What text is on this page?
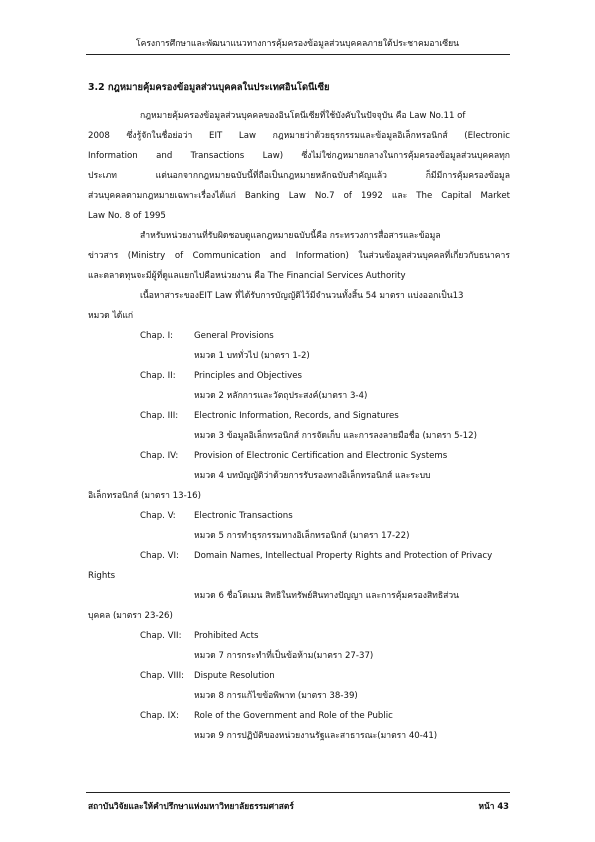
โครงการศึกษาและพัฒนาแนวทางการคุ้มครองข้อมูลส่วนบุคคลภายใต้ประชาคมอาเซียน
3.2 กฎหมายคุ้มครองข้อมูลส่วนบุคคลในประเทศอินโดนีเซีย
กฎหมายคุ้มครองข้อมูลส่วนบุคคลของอินโดนีเซียที่ใช้บังคับในปัจจุบัน คือ Law No.11 of
2008 ซึ่งรู้จักในชื่อย่อว่า EIT Law กฎหมายว่าด้วยธุรกรรมและข้อมูลอิเล็กทรอนิกส์ (Electronic
Information and Transactions Law) ซึ่งไม่ใช่กฎหมายกลางในการคุ้มครองข้อมูลส่วนบุคคลทุก
ประเภท แต่นอกจากกฎหมายฉบับนี้ที่ถือเป็นกฎหมายหลักฉบับสำคัญแล้ว ก็มีมีการคุ้มครองข้อมูล
ส่วนบุคคลตามกฎหมายเฉพาะเรื่องได้แก่ Banking Law No.7 of 1992 และ The Capital Market
Law No. 8 of 1995
สำหรับหน่วยงานที่รับผิดชอบดูแลกฎหมายฉบับนี้คือ กระทรวงการสื่อสารและข้อมูล
ข่าวสาร (Ministry of Communication and Information) ในส่วนข้อมูลส่วนบุคคลที่เกี่ยวกับธนาคาร
และตลาดทุนจะมีผู้ที่ดูแลแยกไปคือหน่วยงาน คือ The Financial Services Authority
เนื้อหาสาระของEIT Law ที่ได้รับการบัญญัติไว้มีจำนวนทั้งสิ้น 54 มาตรา แบ่งออกเป็น13
หมวด ได้แก่
Chap. I: General Provisions
หมวด 1 บททั่วไป (มาตรา 1-2)
Chap. II: Principles and Objectives
หมวด 2 หลักการและวัตถุประสงค์(มาตรา 3-4)
Chap. III: Electronic Information, Records, and Signatures
หมวด 3 ข้อมูลอิเล็กทรอนิกส์ การจัดเก็บ และการลงลายมือชื่อ (มาตรา 5-12)
Chap. IV: Provision of Electronic Certification and Electronic Systems
หมวด 4 บทบัญญัติว่าด้วยการรับรองทางอิเล็กทรอนิกส์ และระบบ
อิเล็กทรอนิกส์ (มาตรา 13-16)
Chap. V: Electronic Transactions
หมวด 5 การทำธุรกรรมทางอิเล็กทรอนิกส์ (มาตรา 17-22)
Chap. VI: Domain Names, Intellectual Property Rights and Protection of Privacy
Rights
หมวด 6 ชื่อโดเมน สิทธิในทรัพย์สินทางปัญญา และการคุ้มครองสิทธิส่วน
บุคคล (มาตรา 23-26)
Chap. VII: Prohibited Acts
หมวด 7 การกระทำที่เป็นข้อห้าม(มาตรา 27-37)
Chap. VIII: Dispute Resolution
หมวด 8 การแก้ไขข้อพิพาท (มาตรา 38-39)
Chap. IX: Role of the Government and Role of the Public
หมวด 9 การปฏิบัติของหน่วยงานรัฐและสาธารณะ(มาตรา 40-41)
สถาบันวิจัยและให้คำปรึกษาแห่งมหาวิทยาลัยธรรมศาสตร์	หน้า 43
